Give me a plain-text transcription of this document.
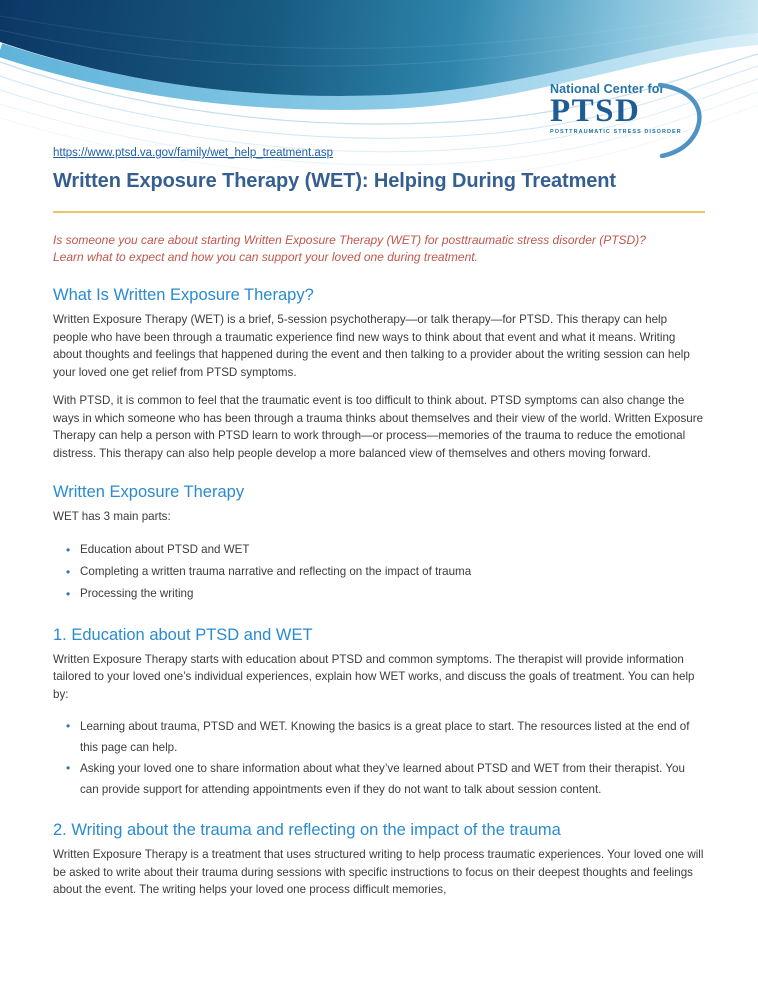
National Center for
PTSD
POSTTRAUMATIC STRESS DISORDER
https://www.ptsd.va.gov/family/wet_help_treatment.asp
Written Exposure Therapy (WET): Helping During Treatment

Is someone you care about starting Written Exposure Therapy (WET) for posttraumatic stress disorder (PTSD)?
Learn what to expect and how you can support your loved one during treatment.

What Is Written Exposure Therapy?

Written Exposure Therapy (WET) is a brief, 5-session psychotherapy—or talk therapy—for PTSD. This therapy can help people who have been through a traumatic experience find new ways to think about that event and what it means. Writing about thoughts and feelings that happened during the event and then talking to a provider about the writing session can help your loved one get relief from PTSD symptoms.

With PTSD, it is common to feel that the traumatic event is too difficult to think about. PTSD symptoms can also change the ways in which someone who has been through a trauma thinks about themselves and their view of the world. Written Exposure Therapy can help a person with PTSD learn to work through—or process—memories of the trauma to reduce the emotional distress. This therapy can also help people develop a more balanced view of themselves and others moving forward.

Written Exposure Therapy

WET has 3 main parts:

• Education about PTSD and WET
• Completing a written trauma narrative and reflecting on the impact of trauma
• Processing the writing
1. Education about PTSD and WET

Written Exposure Therapy starts with education about PTSD and common symptoms. The therapist will provide information tailored to your loved one’s individual experiences, explain how WET works, and discuss the goals of treatment. You can help by:

• Learning about trauma, PTSD and WET. Knowing the basics is a great place to start. The resources listed at the end of this page can help.
• Asking your loved one to share information about what they’ve learned about PTSD and WET from their therapist. You can provide support for attending appointments even if they do not want to talk about session content.
2. Writing about the trauma and reflecting on the impact of the trauma

Written Exposure Therapy is a treatment that uses structured writing to help process traumatic experiences. Your loved one will be asked to write about their trauma during sessions with specific instructions to focus on their deepest thoughts and feelings about the event. The writing helps your loved one process difficult memories,
